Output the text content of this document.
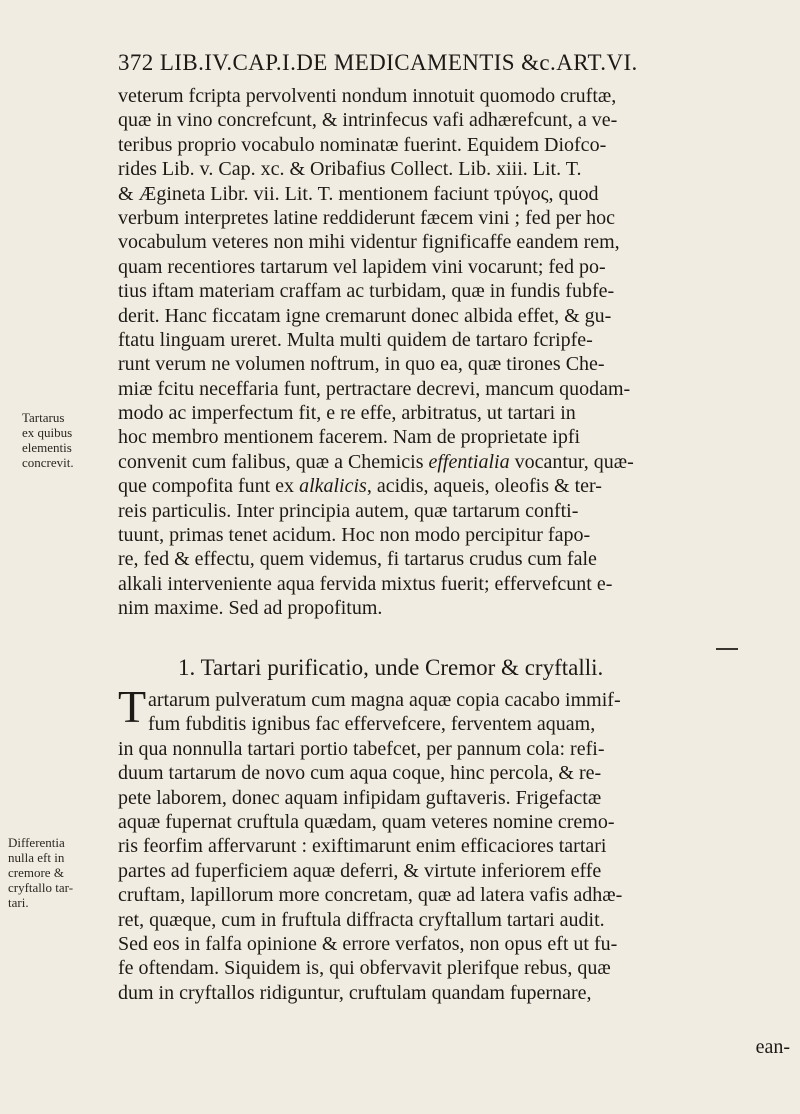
372 LIB.IV.CAP.I.DE MEDICAMENTIS &c.ART.VI.
veterum fcripta pervolventi nondum innotuit quomodo cruftæ,
quæ in vino concrefcunt, & intrinfecus vafi adhærefcunt, a ve-
teribus proprio vocabulo nominatæ fuerint. Equidem Diofco-
rides Lib. v. Cap. xc. & Oribafius Collect. Lib. xiii. Lit. T.
& Ægineta Libr. vii. Lit. T. mentionem faciunt τρύγος, quod
verbum interpretes latine reddiderunt fæcem vini ; fed per hoc
vocabulum veteres non mihi videntur fignificaffe eandem rem,
quam recentiores tartarum vel lapidem vini vocarunt; fed po-
tius iftam materiam craffam ac turbidam, quæ in fundis fubfe-
derit. Hanc ficcatam igne cremarunt donec albida effet, & gu-
ftatu linguam ureret. Multa multi quidem de tartaro fcripfe-
runt verum ne volumen noftrum, in quo ea, quæ tirones Che-
miæ fcitu neceffaria funt, pertractare decrevi, mancum quodam-
modo ac imperfectum fit, e re effe, arbitratus, ut tartari in
hoc membro mentionem facerem. Nam de proprietate ipfi
convenit cum falibus, quæ a Chemicis effentialia vocantur, quæ-
que compofita funt ex alkalicis, acidis, aqueis, oleofis & ter-
reis particulis. Inter principia autem, quæ tartarum confti-
tuunt, primas tenet acidum. Hoc non modo percipitur fapo-
re, fed & effectu, quem videmus, fi tartarus crudus cum fale
alkali interveniente aqua fervida mixtus fuerit; effervefcunt e-
nim maxime. Sed ad propofitum.
1. Tartari purificatio, unde Cremor & cryftalli.
T artarum pulveratum cum magna aquæ copia cacabo immif-
fum fubditis ignibus fac effervefcere, ferventem aquam,
in qua nonnulla tartari portio tabefcet, per pannum cola: refi-
duum tartarum de novo cum aqua coque, hinc percola, & re-
pete laborem, donec aquam infipidam guftaveris. Frigefactæ
aquæ fupernat cruftula quædam, quam veteres nomine cremo-
ris feorfim affervarunt : exiftimarunt enim efficaciores tartari
partes ad fuperficiem aquæ deferri, & virtute inferiorem effe
cruftam, lapillorum more concretam, quæ ad latera vafis adhæ-
ret, quæque, cum in fruftula diffracta cryftallum tartari audit.
Sed eos in falfa opinione & errore verfatos, non opus eft ut fu-
fe oftendam. Siquidem is, qui obfervavit plerifque rebus, quæ
dum in cryftallos ridiguntur, cruftulam quandam fupernare,
ean-
Tartarus
ex quibus
elementis
concrevit.
Differentia
nulla eft in
cremore &
cryftallo tar-
tari.
